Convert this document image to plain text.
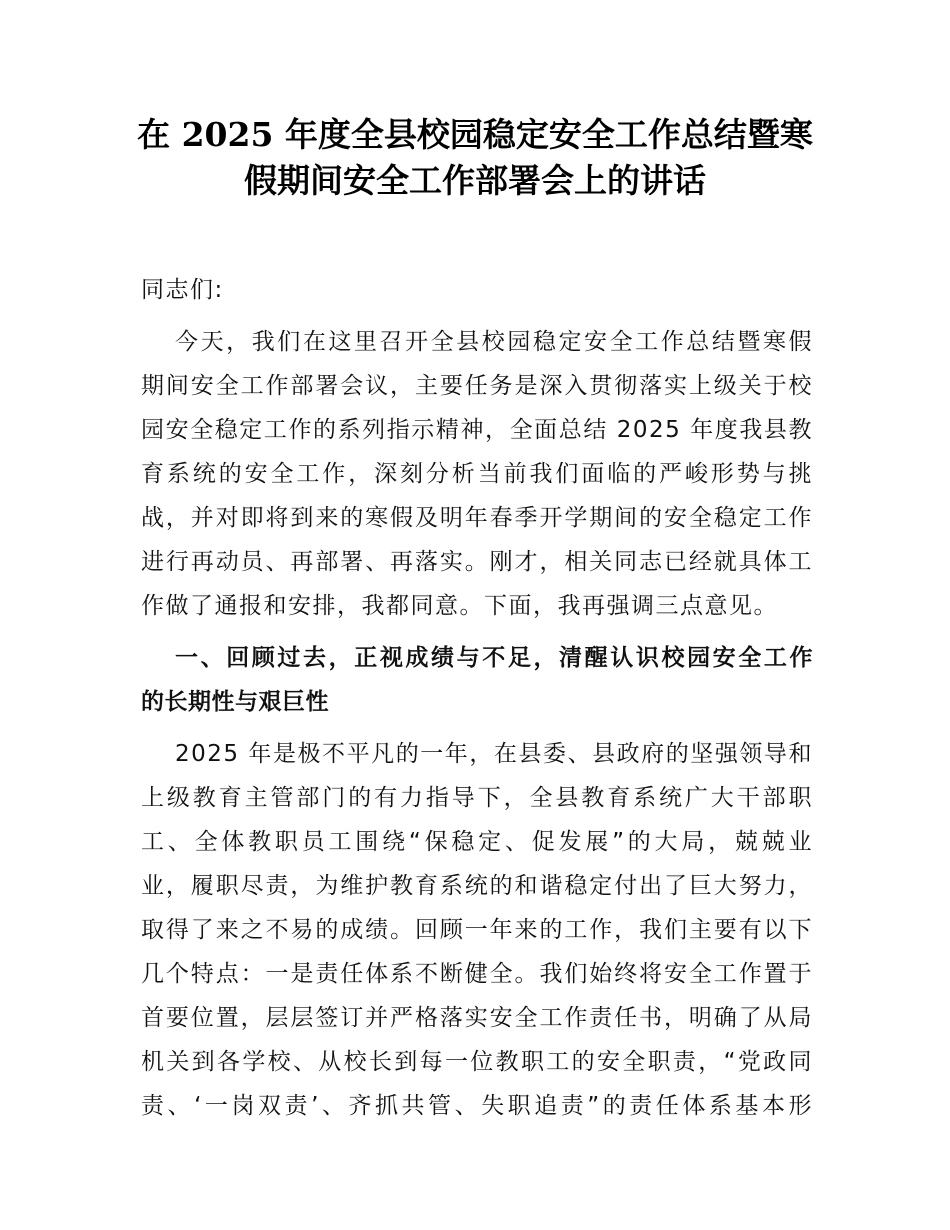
在 2025 年度全县校园稳定安全工作总结暨寒
假期间安全工作部署会上的讲话
同志们:
今天，我们在这里召开全县校园稳定安全工作总结暨寒假
期间安全工作部署会议，主要任务是深入贯彻落实上级关于校
园安全稳定工作的系列指示精神，全面总结 2025 年度我县教
育系统的安全工作，深刻分析当前我们面临的严峻形势与挑
战，并对即将到来的寒假及明年春季开学期间的安全稳定工作
进行再动员、再部署、再落实。刚才，相关同志已经就具体工
作做了通报和安排，我都同意。下面，我再强调三点意见。
一、回顾过去，正视成绩与不足，清醒认识校园安全工作
的长期性与艰巨性
2025 年是极不平凡的一年，在县委、县政府的坚强领导和
上级教育主管部门的有力指导下，全县教育系统广大干部职
工、全体教职员工围绕“保稳定、促发展”的大局，兢兢业
业，履职尽责，为维护教育系统的和谐稳定付出了巨大努力，
取得了来之不易的成绩。回顾一年来的工作，我们主要有以下
几个特点：一是责任体系不断健全。我们始终将安全工作置于
首要位置，层层签订并严格落实安全工作责任书，明确了从局
机关到各学校、从校长到每一位教职工的安全职责，“党政同
责、‘一岗双责’、齐抓共管、失职追责”的责任体系基本形
